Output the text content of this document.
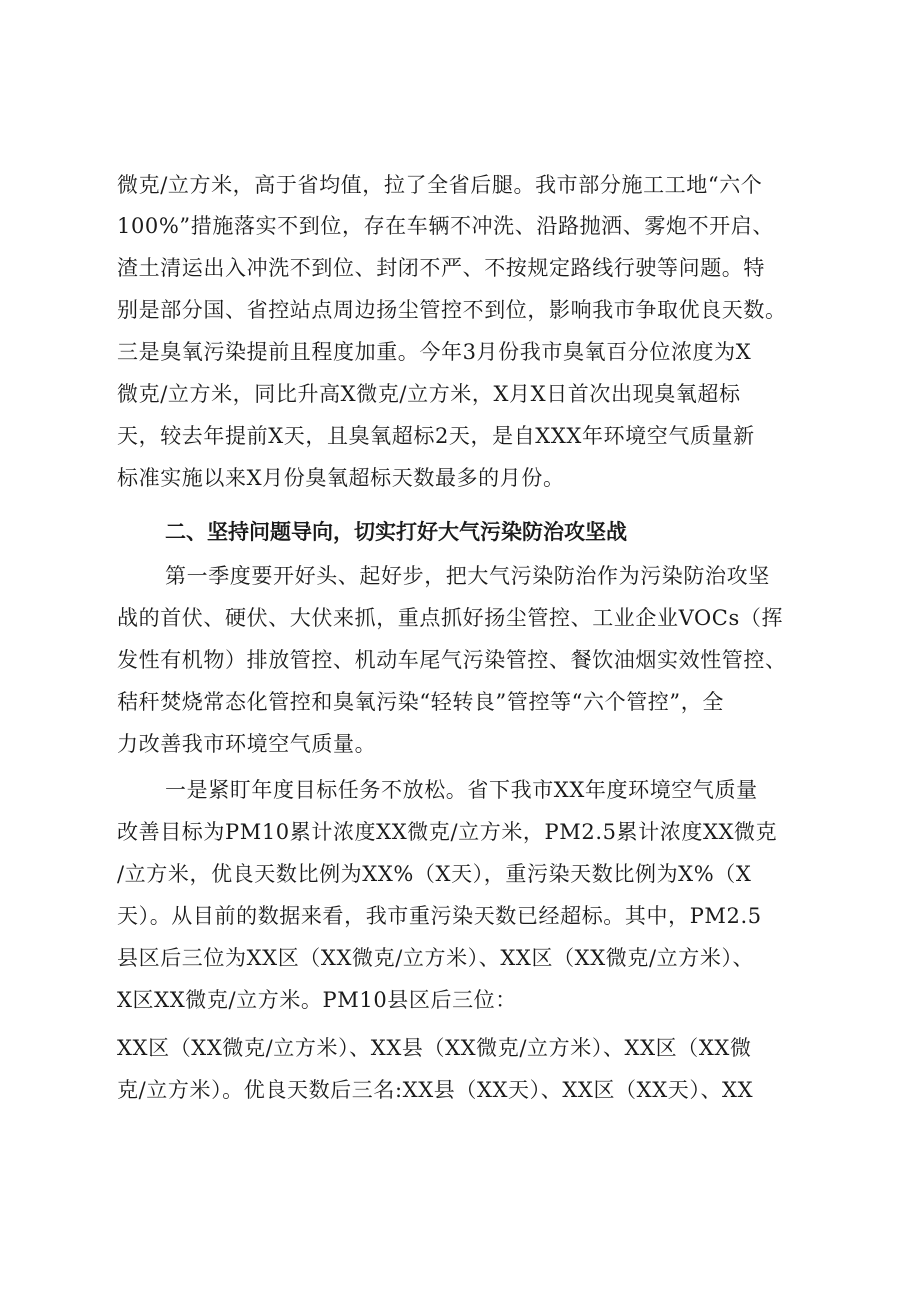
微克/立方米，高于省均值，拉了全省后腿。我市部分施工工地“六个
100%”措施落实不到位，存在车辆不冲洗、沿路抛洒、雾炮不开启、
渣土清运出入冲洗不到位、封闭不严、不按规定路线行驶等问题。特
别是部分国、省控站点周边扬尘管控不到位，影响我市争取优良天数。
三是臭氧污染提前且程度加重。今年3月份我市臭氧百分位浓度为X
微克/立方米，同比升高X微克/立方米，X月X日首次出现臭氧超标
天，较去年提前X天，且臭氧超标2天，是自XXX年环境空气质量新
标准实施以来X月份臭氧超标天数最多的月份。
二、坚持问题导向，切实打好大气污染防治攻坚战
第一季度要开好头、起好步，把大气污染防治作为污染防治攻坚
战的首伏、硬伏、大伏来抓，重点抓好扬尘管控、工业企业VOCs（挥
发性有机物）排放管控、机动车尾气污染管控、餐饮油烟实效性管控、
秸秆焚烧常态化管控和臭氧污染“轻转良”管控等“六个管控”，全
力改善我市环境空气质量。
一是紧盯年度目标任务不放松。省下我市XX年度环境空气质量
改善目标为PM10累计浓度XX微克/立方米，PM2.5累计浓度XX微克
/立方米，优良天数比例为XX%（X天），重污染天数比例为X%（X
天）。从目前的数据来看，我市重污染天数已经超标。其中，PM2.5
县区后三位为XX区（XX微克/立方米）、XX区（XX微克/立方米）、
X区XX微克/立方米。PM10县区后三位：
XX区（XX微克/立方米）、XX县（XX微克/立方米）、XX区（XX微
克/立方米）。优良天数后三名:XX县（XX天）、XX区（XX天）、XX
